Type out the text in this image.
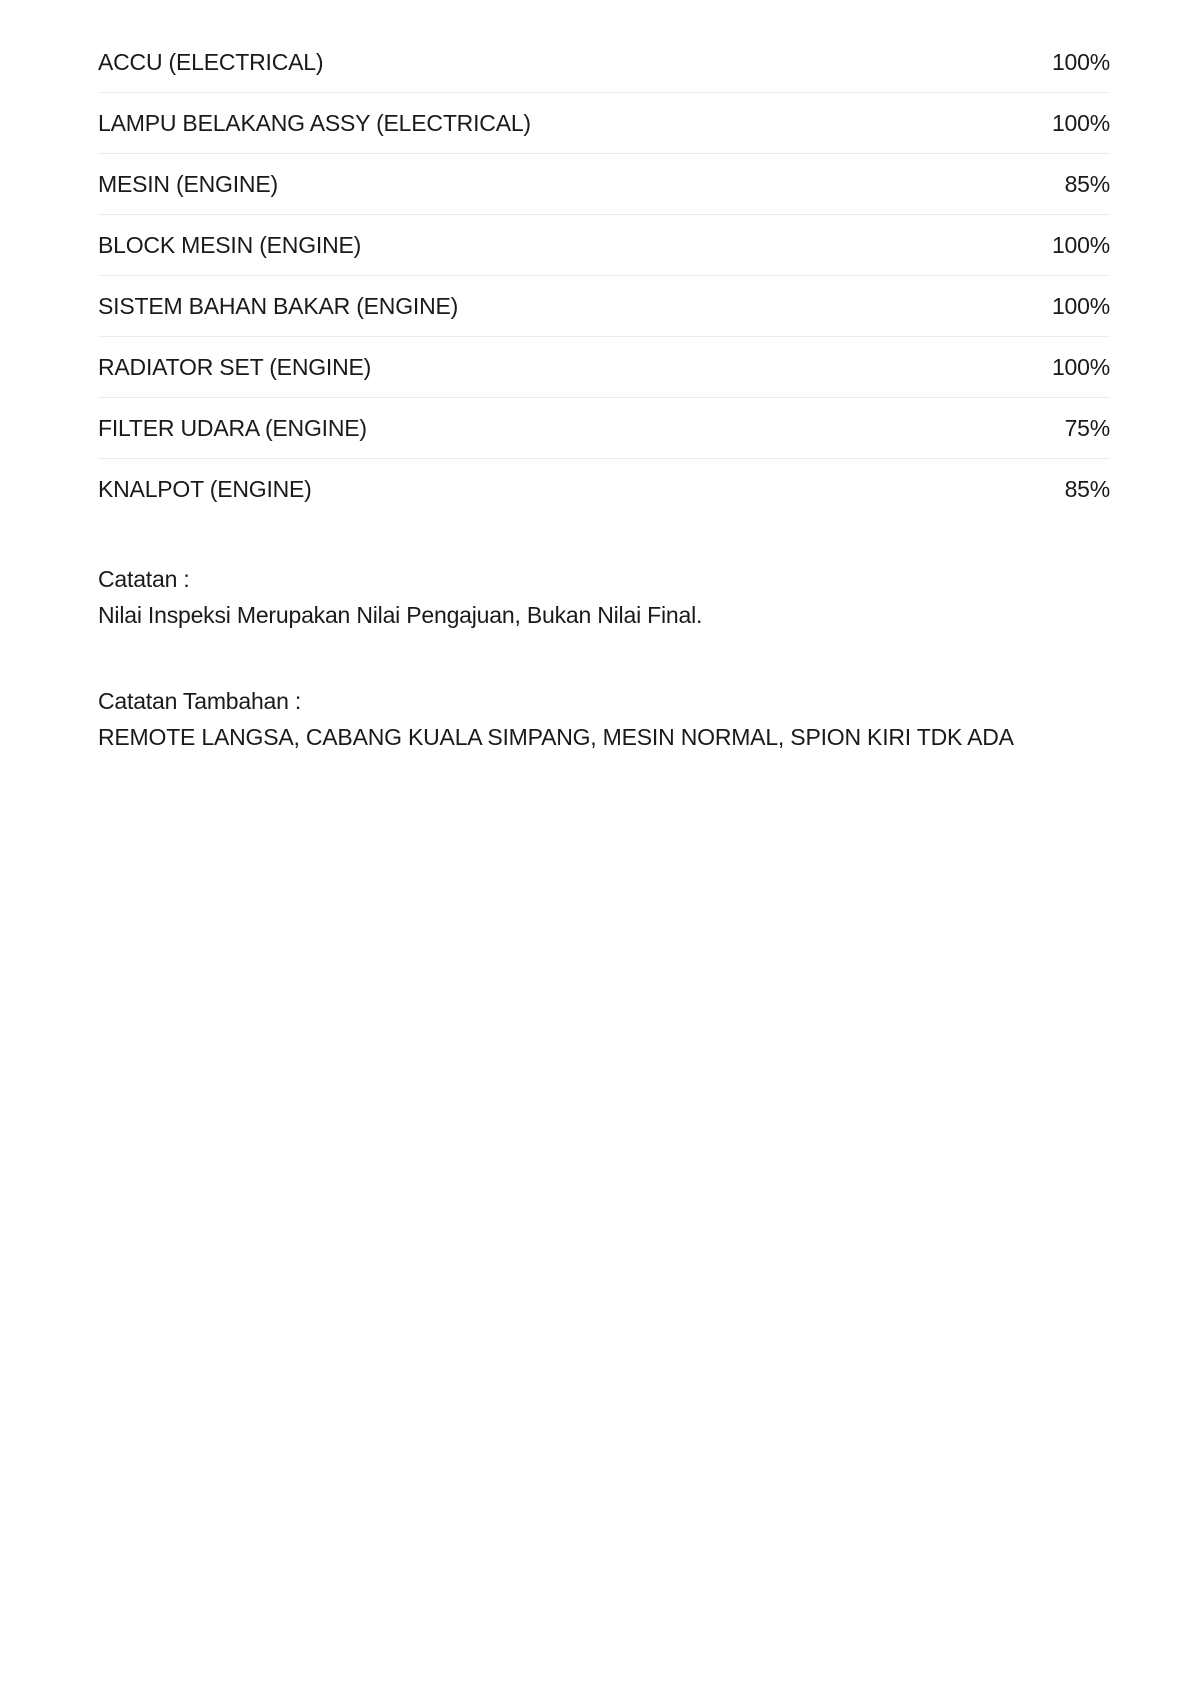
ACCU (ELECTRICAL)	100%
LAMPU BELAKANG ASSY (ELECTRICAL)	100%
MESIN (ENGINE)	85%
BLOCK MESIN (ENGINE)	100%
SISTEM BAHAN BAKAR (ENGINE)	100%
RADIATOR SET (ENGINE)	100%
FILTER UDARA (ENGINE)	75%
KNALPOT (ENGINE)	85%
Catatan :
Nilai Inspeksi Merupakan Nilai Pengajuan, Bukan Nilai Final.
Catatan Tambahan :
REMOTE LANGSA, CABANG KUALA SIMPANG, MESIN NORMAL, SPION KIRI TDK ADA
